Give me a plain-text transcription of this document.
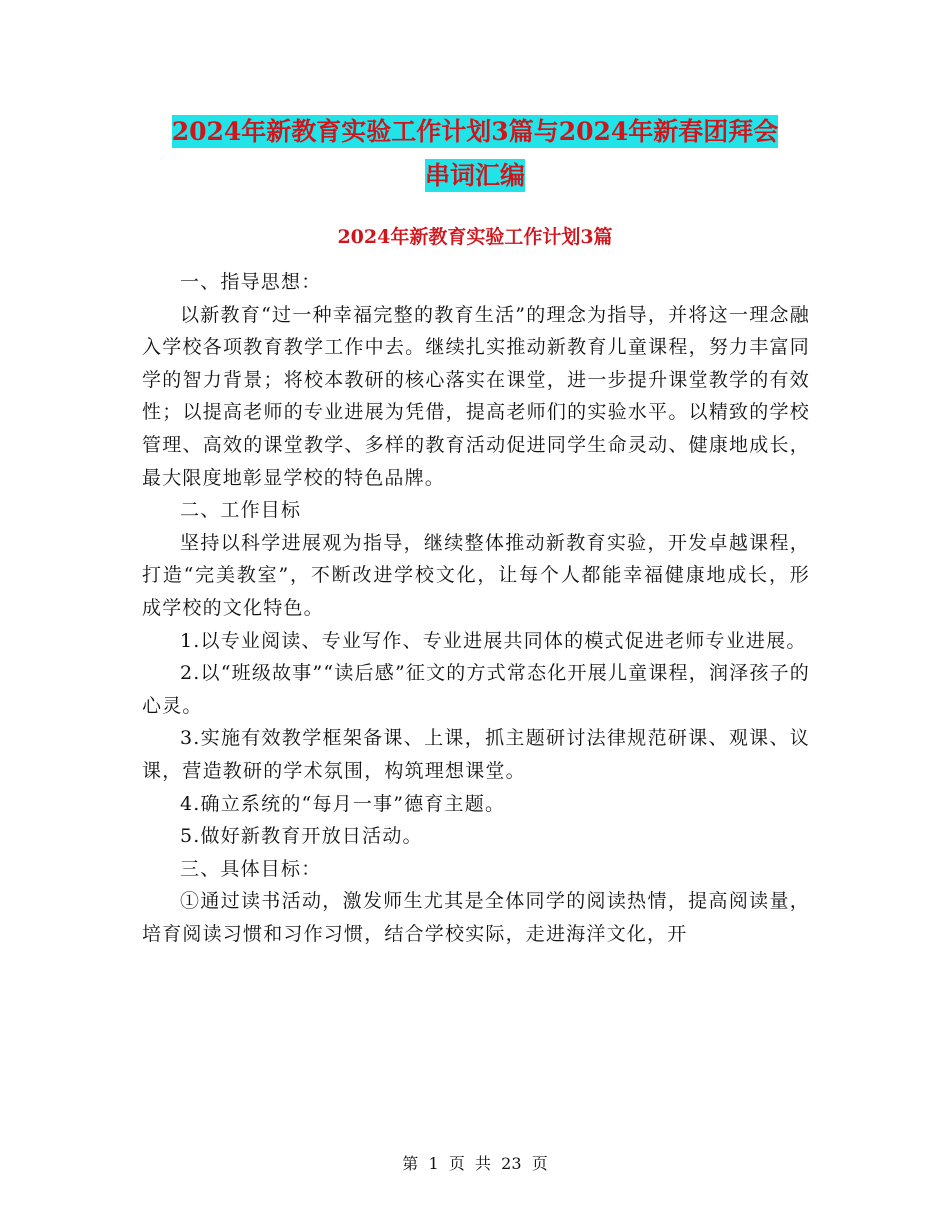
2024年新教育实验工作计划3篇与2024年新春团拜会
串词汇编
2024年新教育实验工作计划3篇

一、指导思想：

以新教育“过一种幸福完整的教育生活”的理念为指导，并将这一理念融入学校各项教育教学工作中去。继续扎实推动新教育儿童课程，努力丰富同学的智力背景；将校本教研的核心落实在课堂，进一步提升课堂教学的有效性；以提高老师的专业进展为凭借，提高老师们的实验水平。以精致的学校管理、高效的课堂教学、多样的教育活动促进同学生命灵动、健康地成长，最大限度地彰显学校的特色品牌。

二、工作目标

坚持以科学进展观为指导，继续整体推动新教育实验，开发卓越课程，打造“完美教室”，不断改进学校文化，让每个人都能幸福健康地成长，形成学校的文化特色。

1.以专业阅读、专业写作、专业进展共同体的模式促进老师专业进展。

2.以“班级故事”“读后感”征文的方式常态化开展儿童课程，润泽孩子的心灵。

3.实施有效教学框架备课、上课，抓主题研讨法律规范研课、观课、议课，营造教研的学术氛围，构筑理想课堂。

4.确立系统的“每月一事”德育主题。

5.做好新教育开放日活动。

三、具体目标：

①通过读书活动，激发师生尤其是全体同学的阅读热情，提高阅读量，培育阅读习惯和习作习惯，结合学校实际，走进海洋文化，开

第  1  页  共  23  页
